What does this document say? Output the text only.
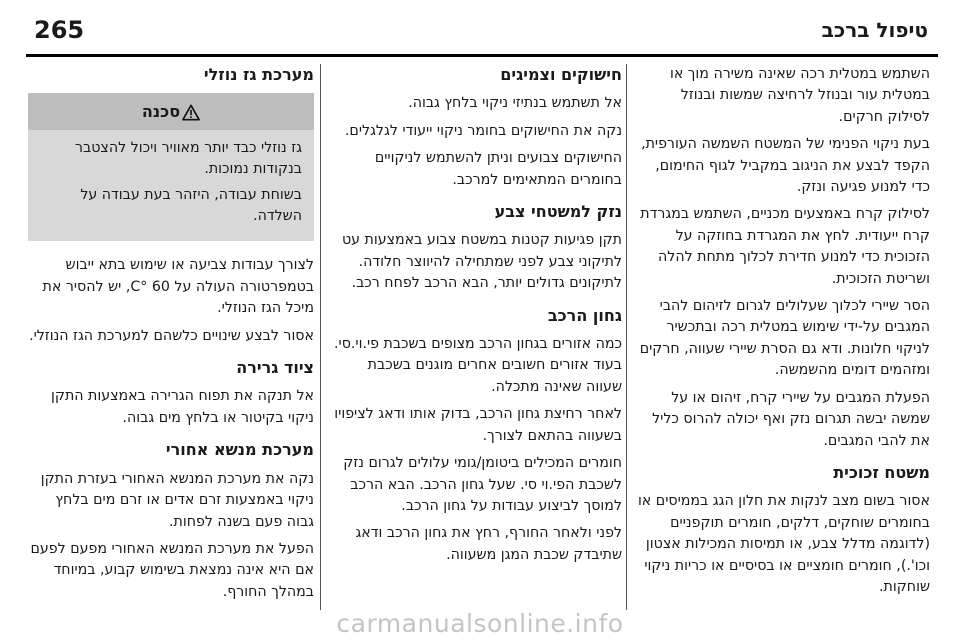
265	טיפול ברכב

השתמש במטלית רכה שאינה משירה מוך או במטלית עור ובנוזל לרחיצה שמשות ובנוזל לסילוק חרקים.

בעת ניקוי הפנימי של המשטח השמשה העורפית, הקפד לבצע את הניגוב במקביל לגוף החימום, כדי למנוע פגיעה ונזק.

לסילוק קרח באמצעים מכניים, השתמש במגרדת קרח ייעודית. לחץ את המגרדת בחוזקה על הזכוכית כדי למנוע חדירת לכלוך מתחת להלה ושריטת הזכוכית.

הסר שיירי לכלוך שעלולים לגרום לזיהום להבי המגבים על-ידי שימוש במטלית רכה ובתכשיר לניקוי חלונות. ודא גם הסרת שיירי שעווה, חרקים ומזהמים דומים מהשמשה.

הפעלת המגבים על שיירי קרח, זיהום או על שמשה יבשה תגרום נזק ואף יכולה להרוס כליל את להבי המגבים.

משטח זכוכית

אסור בשום מצב לנקות את חלון הגג בממיסים או בחומרים שוחקים, דלקים, חומרים תוקפניים (לדוגמה מדלל צבע, או תמיסות המכילות אצטון וכו'.), חומרים חומציים או בסיסיים או כריות ניקוי שוחקות.

חישוקים וצמיגים

אל תשתמש בנתיזי ניקוי בלחץ גבוה.

נקה את החישוקים בחומר ניקוי ייעודי לגלגלים.

החישוקים צבועים וניתן להשתמש לניקויים בחומרים המתאימים למרכב.

נזק למשטחי צבע

תקן פגיעות קטנות במשטח צבוע באמצעות עט לתיקוני צבע לפני שמתחילה להיווצר חלודה. לתיקונים גדולים יותר, הבא הרכב לפחח רכב.

גחון הרכב

כמה אזורים בגחון הרכב מצופים בשכבת פי.וי.סי. בעוד אזורים חשובים אחרים מוגנים בשכבת שעווה שאינה מתכלה.

לאחר רחיצת גחון הרכב, בדוק אותו ודאג לציפויו בשעווה בהתאם לצורך.

חומרים המכילים ביטומן/גומי עלולים לגרום נזק לשכבת הפי.וי סי. שעל גחון הרכב. הבא הרכב למוסך לביצוע עבודות על גחון הרכב.

לפני ולאחר החורף, רחץ את גחון הרכב ודאג שתיבדק שכבת המגן משעווה.

מערכת גז נוזלי
סכנה

גז נוזלי כבד יותר מאוויר ויכול להצטבר בנקודות נמוכות.

בשוחת עבודה, היזהר בעת עבודה על השלדה.

לצורך עבודות צביעה או שימוש בתא ייבוש בטמפרטורה העולה על 60 °C, יש להסיר את מיכל הגז הנוזלי.

אסור לבצע שינויים כלשהם למערכת הגז הנוזלי.

ציוד גרירה

אל תנקה את תפוח הגרירה באמצעות התקן ניקוי בקיטור או בלחץ מים גבוה.

מערכת מנשא אחורי

נקה את מערכת המנשא האחורי בעזרת התקן ניקוי באמצעות זרם אדים או זרם מים בלחץ גבוה פעם בשנה לפחות.

הפעל את מערכת המנשא האחורי מפעם לפעם אם היא אינה נמצאת בשימוש קבוע, במיוחד במהלך החורף.

carmanualsonline.info
